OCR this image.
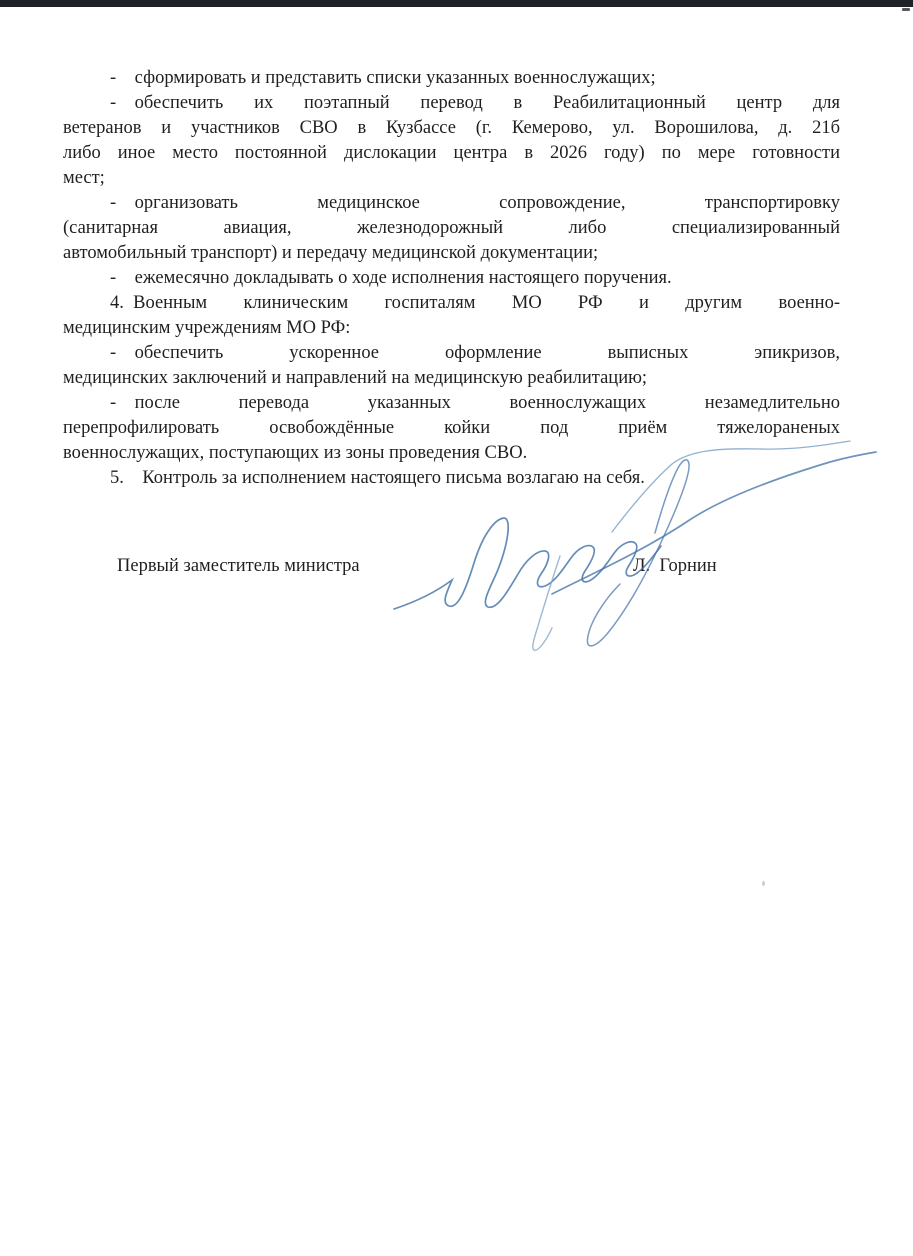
- сформировать и представить списки указанных военнослужащих;
- обеспечить их поэтапный перевод в Реабилитационный центр для
ветеранов и участников СВО в Кузбассе (г. Кемерово, ул. Ворошилова, д. 21б
либо иное место постоянной дислокации центра в 2026 году) по мере готовности
мест;
- организовать медицинское сопровождение, транспортировку
(санитарная авиация, железнодорожный либо специализированный
автомобильный транспорт) и передачу медицинской документации;
- ежемесячно докладывать о ходе исполнения настоящего поручения.
4. Военным клиническим госпиталям МО РФ и другим военно-
медицинским учреждениям МО РФ:
- обеспечить ускоренное оформление выписных эпикризов,
медицинских заключений и направлений на медицинскую реабилитацию;
- после перевода указанных военнослужащих незамедлительно
перепрофилировать освобождённые койки под приём тяжелораненых
военнослужащих, поступающих из зоны проведения СВО.
5. Контроль за исполнением настоящего письма возлагаю на себя.
Первый заместитель министра	Л. Горнин
